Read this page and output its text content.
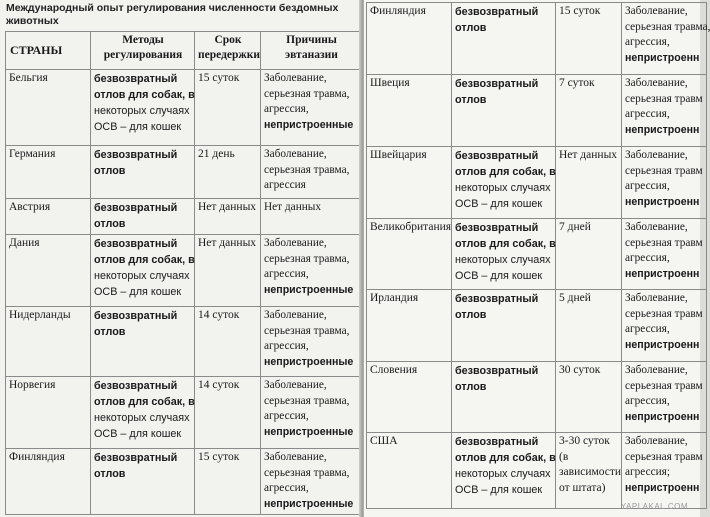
Международный опыт регулирования численности бездомных животных
СТРАНЫ	Методы
регулирования	Срок
передержки	Причины
эвтаназии

Бельгия	безвозвратный
отлов для собак, в
некоторых случаях
ОСВ – для кошек	15 суток	Заболевание,
серьезная травма,
агрессия,
непристроенные

Германия	безвозвратный
отлов	21 день	Заболевание,
серьезная травма,
агрессия

Австрия	безвозвратный
отлов	Нет данных	Нет данных

Дания	безвозвратный
отлов для собак, в
некоторых случаях
ОСВ – для кошек	Нет данных	Заболевание,
серьезная травма,
агрессия,
непристроенные

Нидерланды	безвозвратный
отлов	14 суток	Заболевание,
серьезная травма,
агрессия,
непристроенные

Норвегия	безвозвратный
отлов для собак, в
некоторых случаях
ОСВ – для кошек	14 суток	Заболевание,
серьезная травма,
агрессия,
непристроенные

Финляндия	безвозвратный
отлов	15 суток	Заболевание,
серьезная травма,
агрессия,
непристроенные
Финляндия	безвозвратный
отлов	15 суток	Заболевание,
серьезная травма,
агрессия,
непристроенн

Швеция	безвозвратный
отлов	7 суток	Заболевание,
серьезная травм
агрессия,
непристроенн

Швейцария	безвозвратный
отлов для собак, в
некоторых случаях
ОСВ – для кошек	Нет данных	Заболевание,
серьезная травм
агрессия,
непристроенн

Великобритания	безвозвратный
отлов для собак, в
некоторых случаях
ОСВ – для кошек	7 дней	Заболевание,
серьезная травм
агрессия,
непристроенн

Ирландия	безвозвратный
отлов	5 дней	Заболевание,
серьезная травм
агрессия,
непристроенн

Словения	безвозвратный
отлов	30 суток	Заболевание,
серьезная травм
агрессия,
непристроенн

США	безвозвратный
отлов для собак, в
некоторых случаях
ОСВ – для кошек	3-30 суток
(в
зависимости
от штата)	Заболевание,
серьезная травм
агрессия;
непристроенн
YAPLAKAL.COM
